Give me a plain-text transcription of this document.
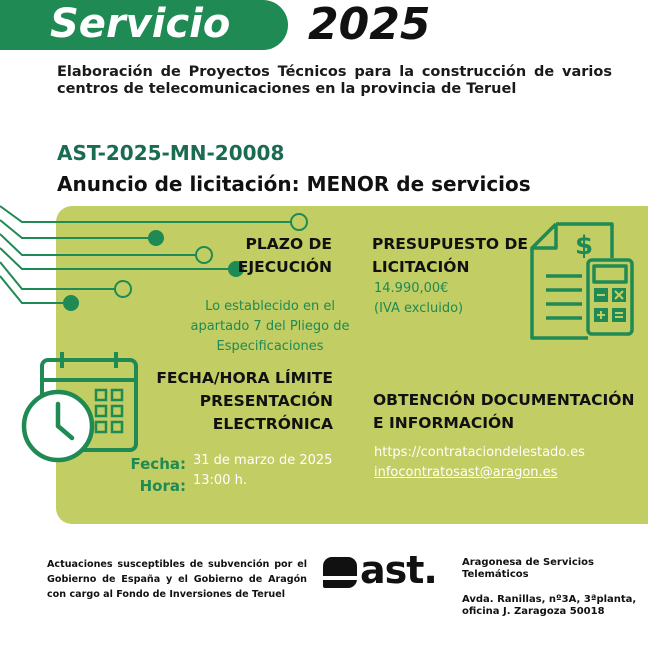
Servicio 2025
Elaboración de Proyectos Técnicos para la construcción de varios centros de telecomunicaciones en la provincia de Teruel
AST-2025-MN-20008
Anuncio de licitación: MENOR de servicios
$
PLAZO DE EJECUCIÓN
Lo establecido en el apartado 7 del Pliego de Especificaciones
PRESUPUESTO DE LICITACIÓN
14.990,00€
(IVA excluido)
FECHA/HORA LÍMITE PRESENTACIÓN ELECTRÓNICA
Fecha:
Hora:
31 de marzo de 2025
13:00 h.
OBTENCIÓN DOCUMENTACIÓN E INFORMACIÓN
https://contrataciondelestado.es
infocontratosast@aragon.es
Actuaciones susceptibles de subvención por el Gobierno de España y el Gobierno de Aragón con cargo al Fondo de Inversiones de Teruel
ast.	Aragonesa de Servicios Telemáticos
Avda. Ranillas, nº3A, 3ªplanta, oficina J. Zaragoza 50018
